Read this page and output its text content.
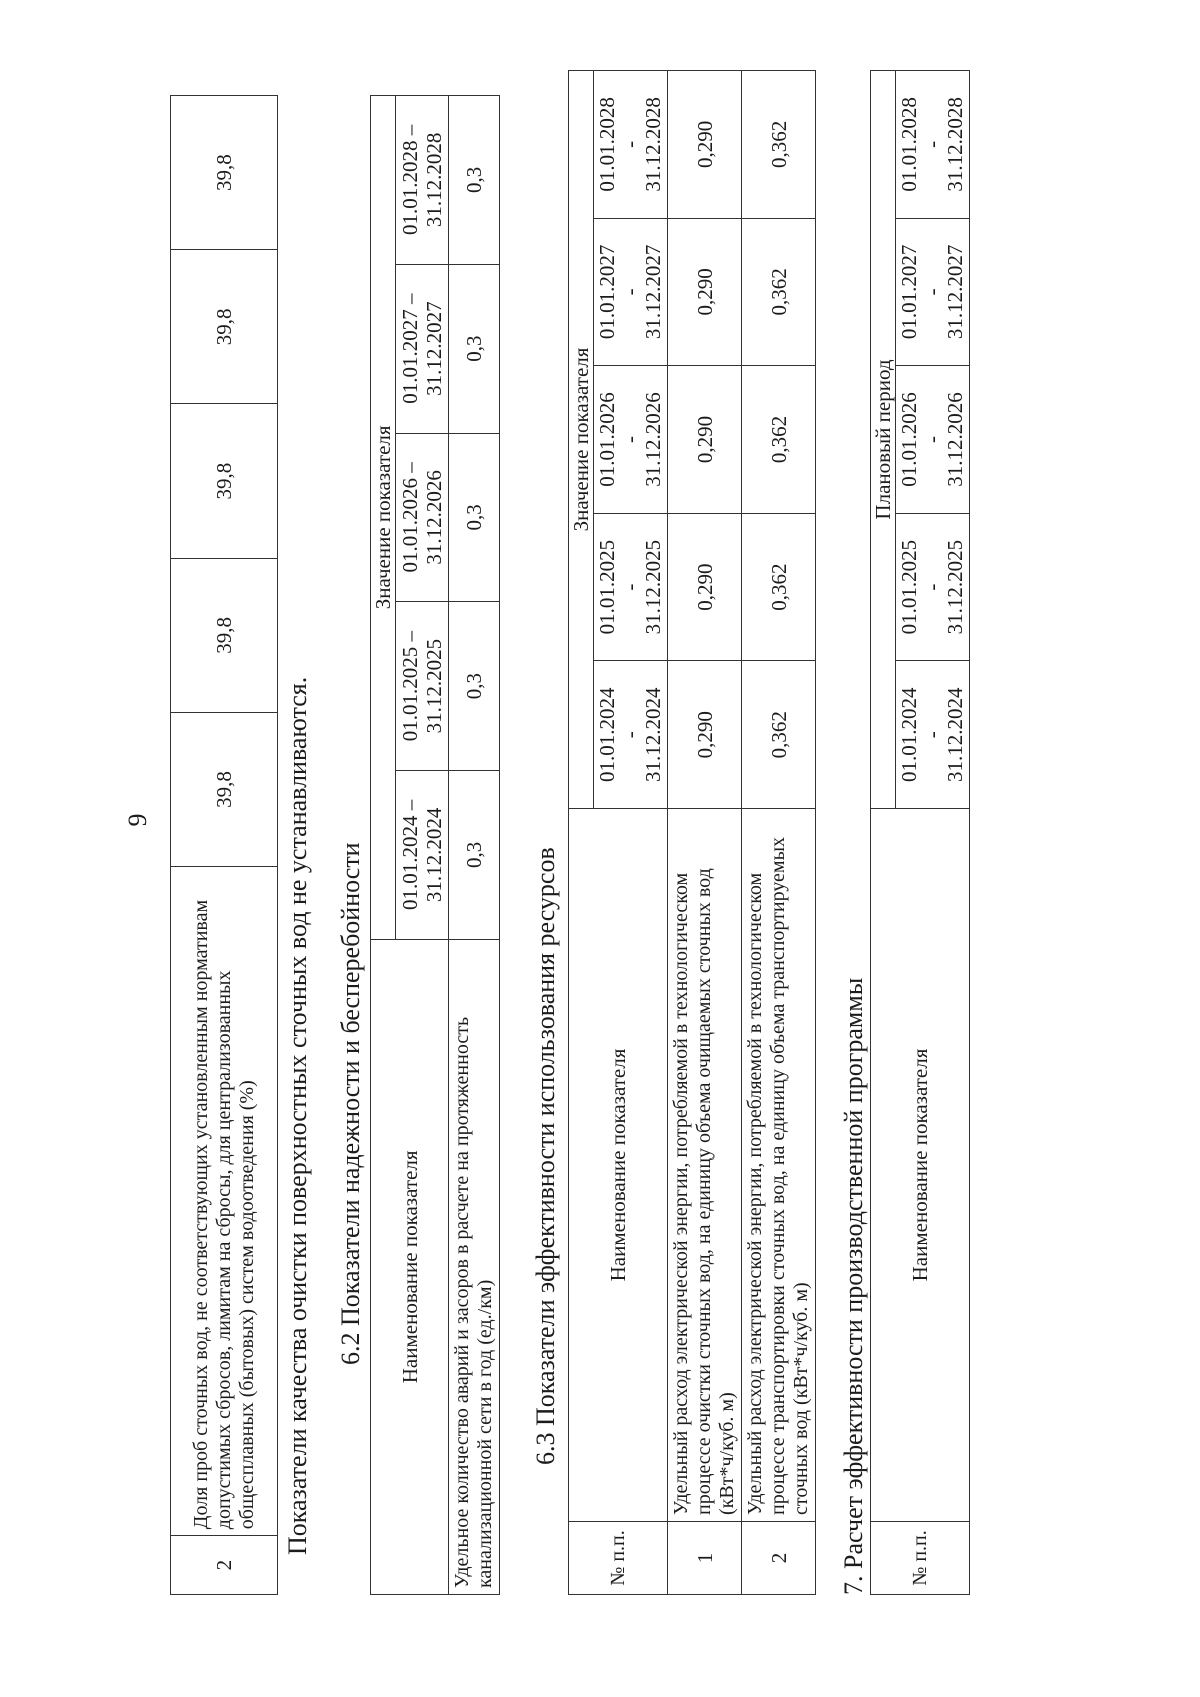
9
2	Доля проб сточных вод, не соответствующих установленным нормативам допустимых сбросов, лимитам на сбросы, для централизованных общесплавных (бытовых) систем водоотведения (%)	39,8	39,8	39,8	39,8	39,8
Показатели качества очистки поверхностных сточных вод не устанавливаются. 6.2 Показатели надежности и бесперебойности Наименование показателя	Значение показателя				
	01.01.2024 – 31.12.2024	01.01.2025 – 31.12.2025	01.01.2026 – 31.12.2026	01.01.2027 – 31.12.2027	01.01.2028 – 31.12.2028
Удельное количество аварий и засоров в расчете на протяженность канализационной сети в год (ед./км)	0,3	0,3	0,3	0,3	0,3
6.3 Показатели эффективности использования ресурсов
№ п.п.	Наименование показателя	Значение показателя				

		01.01.2024 - 31.12.2024	01.01.2025 - 31.12.2025	01.01.2026 - 31.12.2026	01.01.2027 - 31.12.2027	01.01.2028 - 31.12.2028

1	Удельный расход электрической энергии, потребляемой в технологическом процессе очистки сточных вод, на единицу объема очищаемых сточных вод (кВт*ч/куб. м)	0,290	0,290	0,290	0,290	0,290
2	Удельный расход электрической энергии, потребляемой в технологическом процессе транспортировки сточных вод, на единицу объема транспортируемых сточных вод (кВт*ч/куб. м)	0,362	0,362	0,362	0,362	0,362
7. Расчет эффективности производственной программы № п.п.	Наименование показателя	Плановый период				

		01.01.2024 - 31.12.2024	01.01.2025 - 31.12.2025	01.01.2026 - 31.12.2026	01.01.2027 - 31.12.2027	01.01.2028 - 31.12.2028
